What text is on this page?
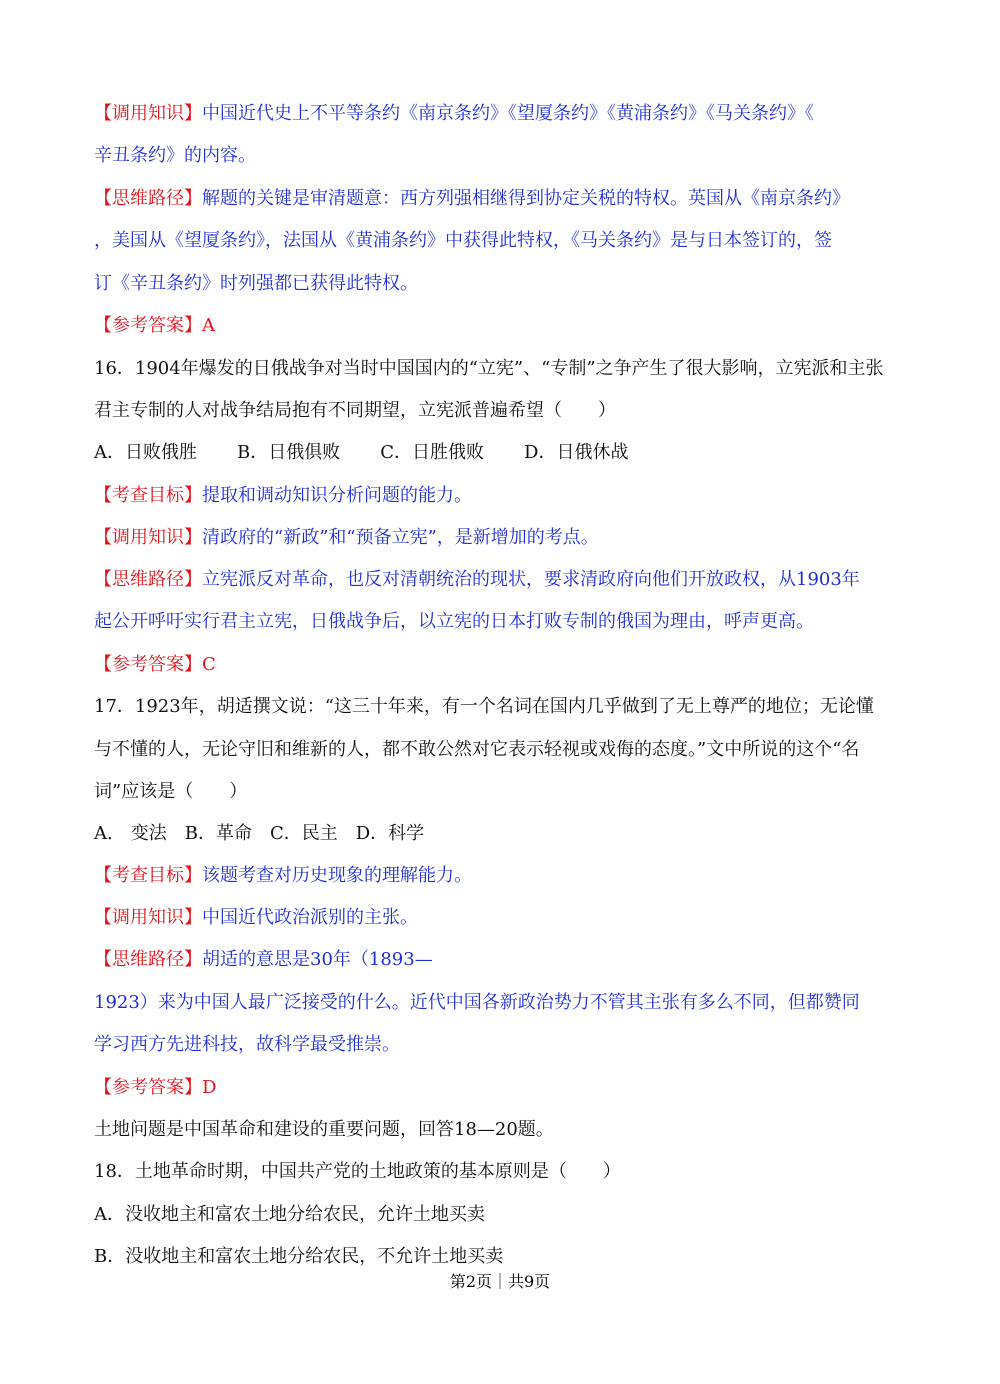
【调用知识】中国近代史上不平等条约《南京条约》《望厦条约》《黄浦条约》《马关条约》《
辛丑条约》的内容。
【思维路径】解题的关键是审清题意：西方列强相继得到协定关税的特权。英国从《南京条约》
，美国从《望厦条约》，法国从《黄浦条约》中获得此特权，《马关条约》是与日本签订的，签
订《辛丑条约》时列强都已获得此特权。
【参考答案】A
16．1904年爆发的日俄战争对当时中国国内的“立宪”、“专制”之争产生了很大影响，立宪派和主张
君主专制的人对战争结局抱有不同期望，立宪派普遍希望（　　）
A．日败俄胜 B．日俄俱败 C．日胜俄败 D．日俄休战
【考查目标】提取和调动知识分析问题的能力。
【调用知识】清政府的“新政”和“预备立宪”，是新增加的考点。
【思维路径】立宪派反对革命，也反对清朝统治的现状，要求清政府向他们开放政权，从1903年
起公开呼吁实行君主立宪，日俄战争后，以立宪的日本打败专制的俄国为理由，呼声更高。
【参考答案】C
17．1923年，胡适撰文说：“这三十年来，有一个名词在国内几乎做到了无上尊严的地位；无论懂
与不懂的人，无论守旧和维新的人，都不敢公然对它表示轻视或戏侮的态度。”文中所说的这个“名
词”应该是（　　）
A.　变法　B．革命　C．民主　D．科学
【考查目标】该题考查对历史现象的理解能力。
【调用知识】中国近代政治派别的主张。
【思维路径】胡适的意思是30年（1893—
1923）来为中国人最广泛接受的什么。近代中国各新政治势力不管其主张有多么不同，但都赞同
学习西方先进科技，故科学最受推崇。
【参考答案】D
土地问题是中国革命和建设的重要问题，回答18—20题。
18．土地革命时期，中国共产党的土地政策的基本原则是（　　）
A．没收地主和富农土地分给农民，允许土地买卖
B．没收地主和富农土地分给农民，不允许土地买卖
第2页｜共9页
